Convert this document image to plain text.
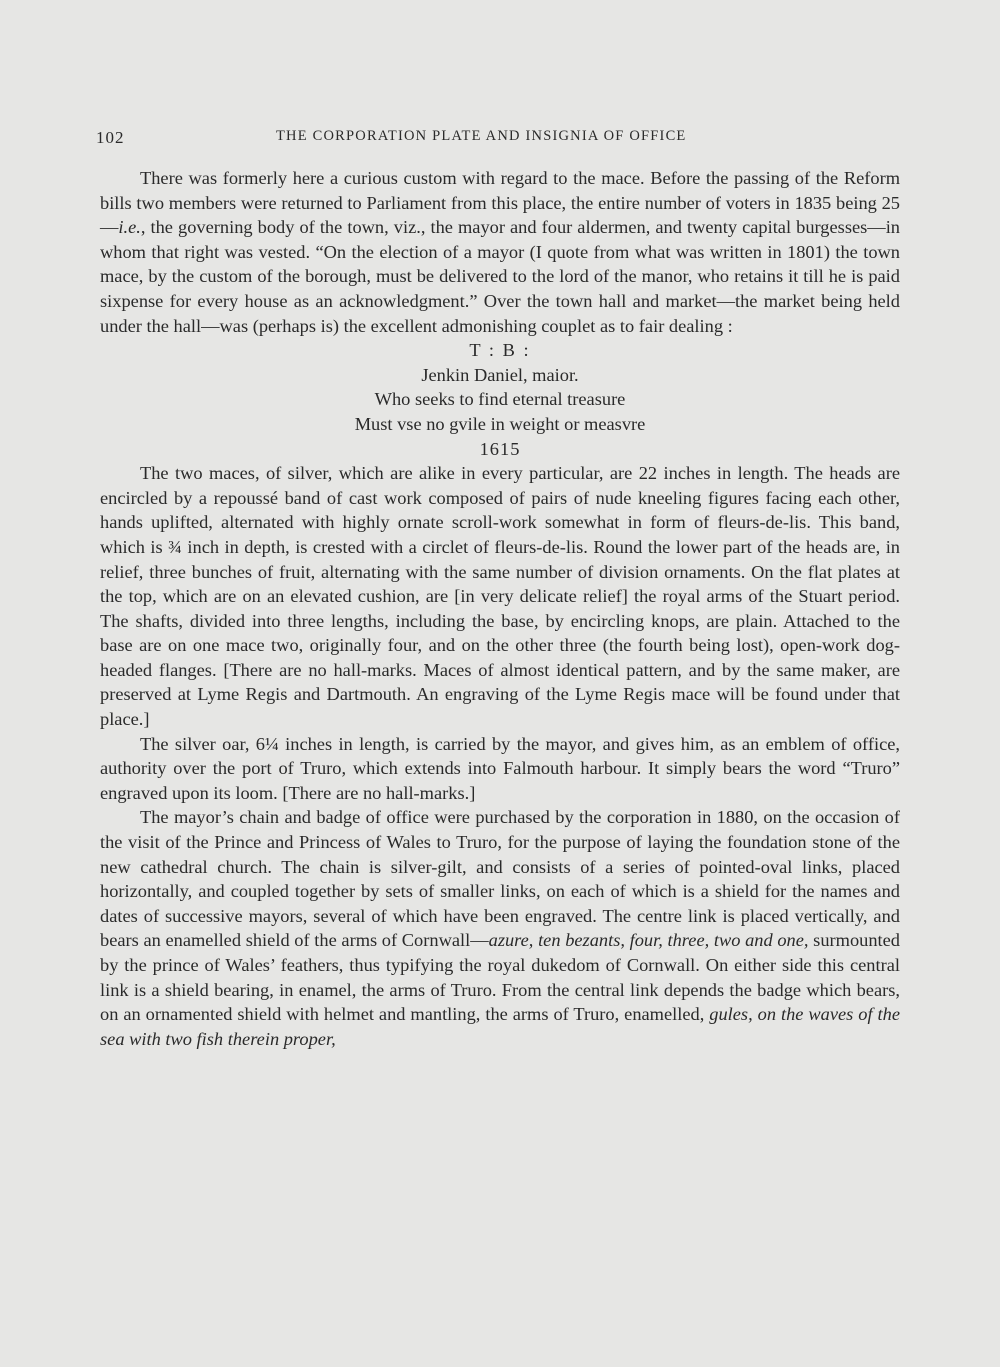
102	THE CORPORATION PLATE AND INSIGNIA OF OFFICE

There was formerly here a curious custom with regard to the mace. Before the passing of the Reform bills two members were returned to Parliament from this place, the entire number of voters in 1835 being 25—i.e., the governing body of the town, viz., the mayor and four aldermen, and twenty capital burgesses—in whom that right was vested. “On the election of a mayor (I quote from what was written in 1801) the town mace, by the custom of the borough, must be delivered to the lord of the manor, who retains it till he is paid sixpense for every house as an acknowledgment.” Over the town hall and market—the market being held under the hall—was (perhaps is) the excellent admonishing couplet as to fair dealing :

T : B :
Jenkin Daniel, maior.
Who seeks to find eternal treasure
Must vse no gvile in weight or measvre
1615

The two maces, of silver, which are alike in every particular, are 22 inches in length. The heads are encircled by a repoussé band of cast work composed of pairs of nude kneeling figures facing each other, hands uplifted, alternated with highly ornate scroll-work somewhat in form of fleurs-de-lis. This band, which is ¾ inch in depth, is crested with a circlet of fleurs-de-lis. Round the lower part of the heads are, in relief, three bunches of fruit, alternating with the same number of division ornaments. On the flat plates at the top, which are on an elevated cushion, are [in very delicate relief] the royal arms of the Stuart period. The shafts, divided into three lengths, including the base, by encircling knops, are plain. Attached to the base are on one mace two, originally four, and on the other three (the fourth being lost), open-work dog-headed flanges. [There are no hall-marks. Maces of almost identical pattern, and by the same maker, are preserved at Lyme Regis and Dartmouth. An engraving of the Lyme Regis mace will be found under that place.]

The silver oar, 6¼ inches in length, is carried by the mayor, and gives him, as an emblem of office, authority over the port of Truro, which extends into Falmouth harbour. It simply bears the word “Truro” engraved upon its loom. [There are no hall-marks.]

The mayor’s chain and badge of office were purchased by the corporation in 1880, on the occasion of the visit of the Prince and Princess of Wales to Truro, for the purpose of laying the foundation stone of the new cathedral church. The chain is silver-gilt, and consists of a series of pointed-oval links, placed horizontally, and coupled together by sets of smaller links, on each of which is a shield for the names and dates of successive mayors, several of which have been engraved. The centre link is placed vertically, and bears an enamelled shield of the arms of Cornwall—azure, ten bezants, four, three, two and one, surmounted by the prince of Wales’ feathers, thus typifying the royal dukedom of Cornwall. On either side this central link is a shield bearing, in enamel, the arms of Truro. From the central link depends the badge which bears, on an ornamented shield with helmet and mantling, the arms of Truro, enamelled, gules, on the waves of the sea with two fish therein proper,
